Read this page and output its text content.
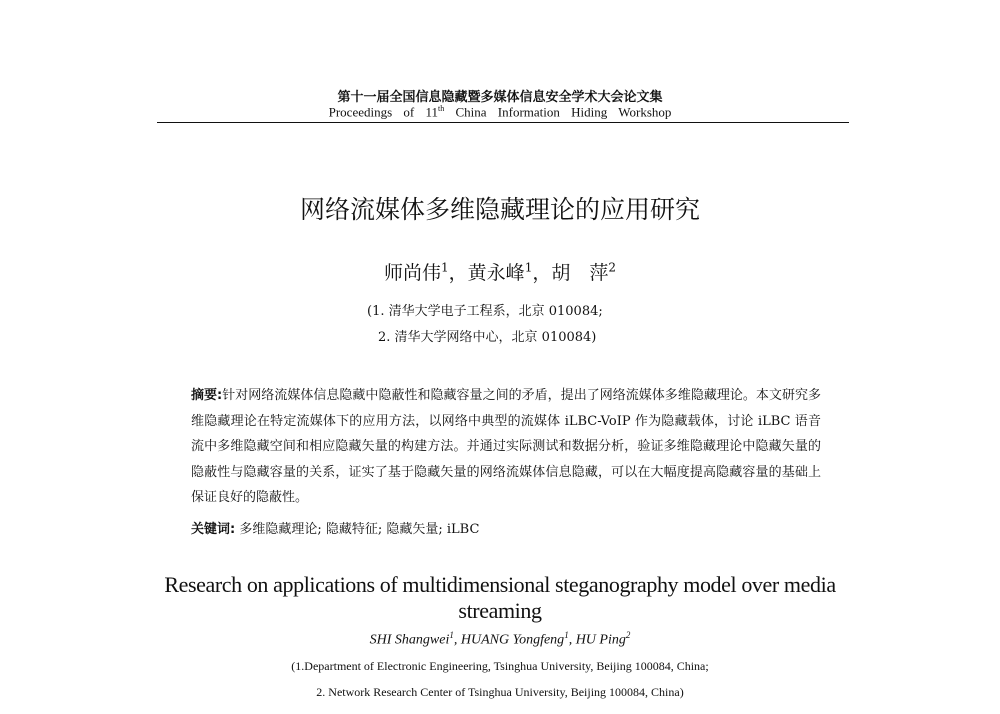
第十一届全国信息隐藏暨多媒体信息安全学术大会论文集
Proceedings of 11th China Information Hiding Workshop
网络流媒体多维隐藏理论的应用研究
师尚伟$^1$，黄永峰$^1$，胡　萍$^2$
(1. 清华大学电子工程系，北京 010084;
2. 清华大学网络中心，北京 010084)
摘要:针对网络流媒体信息隐藏中隐蔽性和隐藏容量之间的矛盾，提出了网络流媒体多维隐藏理论。本文研究多维隐藏理论在特定流媒体下的应用方法，以网络中典型的流媒体 iLBC-VoIP 作为隐藏载体，讨论 iLBC 语音流中多维隐藏空间和相应隐藏矢量的构建方法。并通过实际测试和数据分析，验证多维隐藏理论中隐藏矢量的隐蔽性与隐藏容量的关系，证实了基于隐藏矢量的网络流媒体信息隐藏，可以在大幅度提高隐藏容量的基础上保证良好的隐蔽性。
关键词: 多维隐藏理论; 隐藏特征; 隐藏矢量; iLBC
Research on applications of multidimensional steganography model over media streaming
SHI Shangwei$^1$, HUANG Yongfeng$^1$, HU Ping$^2$
(1.Department of Electronic Engineering, Tsinghua University, Beijing 100084, China;
2. Network Research Center of Tsinghua University, Beijing 100084, China)
